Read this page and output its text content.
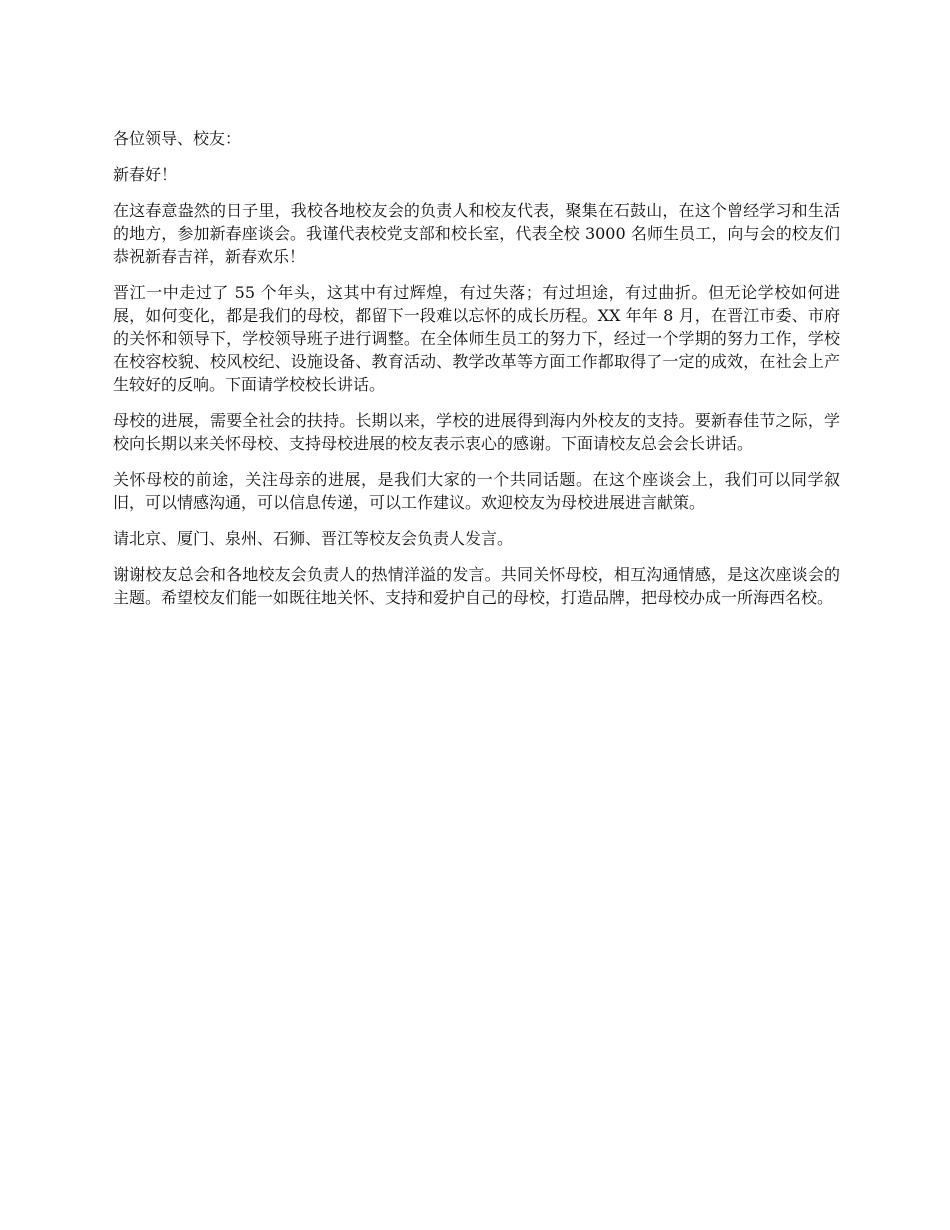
各位领导、校友：

新春好！

在这春意盎然的日子里，我校各地校友会的负责人和校友代表，聚集在石鼓山，在这个曾经学习和生活的地方，参加新春座谈会。我谨代表校党支部和校长室，代表全校 3000 名师生员工，向与会的校友们恭祝新春吉祥，新春欢乐！

晋江一中走过了 55 个年头，这其中有过辉煌，有过失落；有过坦途，有过曲折。但无论学校如何进展，如何变化，都是我们的母校，都留下一段难以忘怀的成长历程。XX 年年 8 月，在晋江市委、市府的关怀和领导下，学校领导班子进行调整。在全体师生员工的努力下，经过一个学期的努力工作，学校在校容校貌、校风校纪、设施设备、教育活动、教学改革等方面工作都取得了一定的成效，在社会上产生较好的反响。下面请学校校长讲话。

母校的进展，需要全社会的扶持。长期以来，学校的进展得到海内外校友的支持。要新春佳节之际，学校向长期以来关怀母校、支持母校进展的校友表示衷心的感谢。下面请校友总会会长讲话。

关怀母校的前途，关注母亲的进展，是我们大家的一个共同话题。在这个座谈会上，我们可以同学叙旧，可以情感沟通，可以信息传递，可以工作建议。欢迎校友为母校进展进言献策。

请北京、厦门、泉州、石狮、晋江等校友会负责人发言。

谢谢校友总会和各地校友会负责人的热情洋溢的发言。共同关怀母校，相互沟通情感，是这次座谈会的主题。希望校友们能一如既往地关怀、支持和爱护自己的母校，打造品牌，把母校办成一所海西名校。
